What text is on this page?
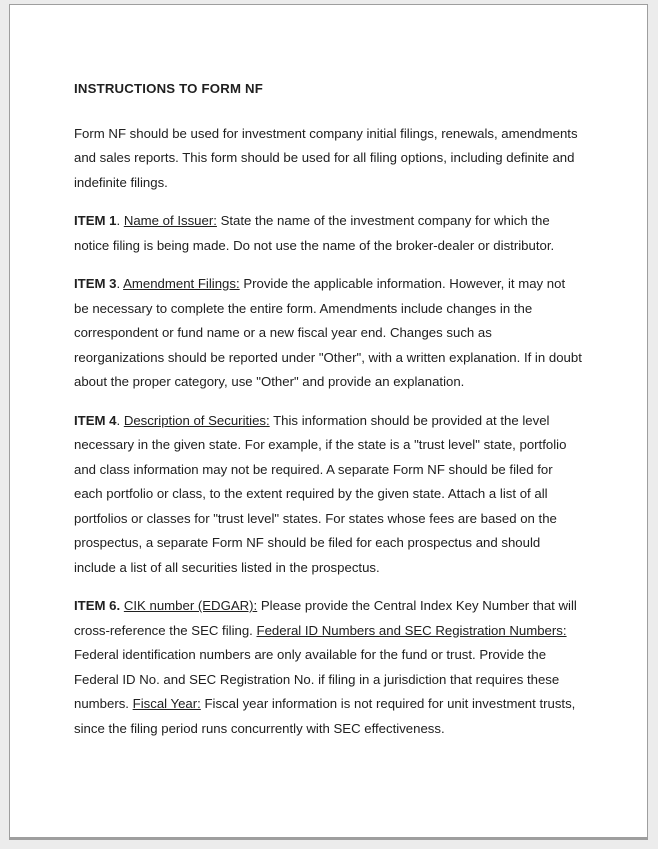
INSTRUCTIONS TO FORM NF

Form NF should be used for investment company initial filings, renewals, amendments and sales reports. This form should be used for all filing options, including definite and indefinite filings.

ITEM 1. Name of Issuer: State the name of the investment company for which the notice filing is being made. Do not use the name of the broker-dealer or distributor.

ITEM 3. Amendment Filings: Provide the applicable information. However, it may not be necessary to complete the entire form. Amendments include changes in the correspondent or fund name or a new fiscal year end. Changes such as reorganizations should be reported under "Other", with a written explanation. If in doubt about the proper category, use "Other" and provide an explanation.

ITEM 4. Description of Securities: This information should be provided at the level necessary in the given state. For example, if the state is a "trust level" state, portfolio and class information may not be required. A separate Form NF should be filed for each portfolio or class, to the extent required by the given state. Attach a list of all portfolios or classes for "trust level" states. For states whose fees are based on the prospectus, a separate Form NF should be filed for each prospectus and should include a list of all securities listed in the prospectus.

ITEM 6. CIK number (EDGAR): Please provide the Central Index Key Number that will cross-reference the SEC filing. Federal ID Numbers and SEC Registration Numbers: Federal identification numbers are only available for the fund or trust. Provide the Federal ID No. and SEC Registration No. if filing in a jurisdiction that requires these numbers. Fiscal Year: Fiscal year information is not required for unit investment trusts, since the filing period runs concurrently with SEC effectiveness.
